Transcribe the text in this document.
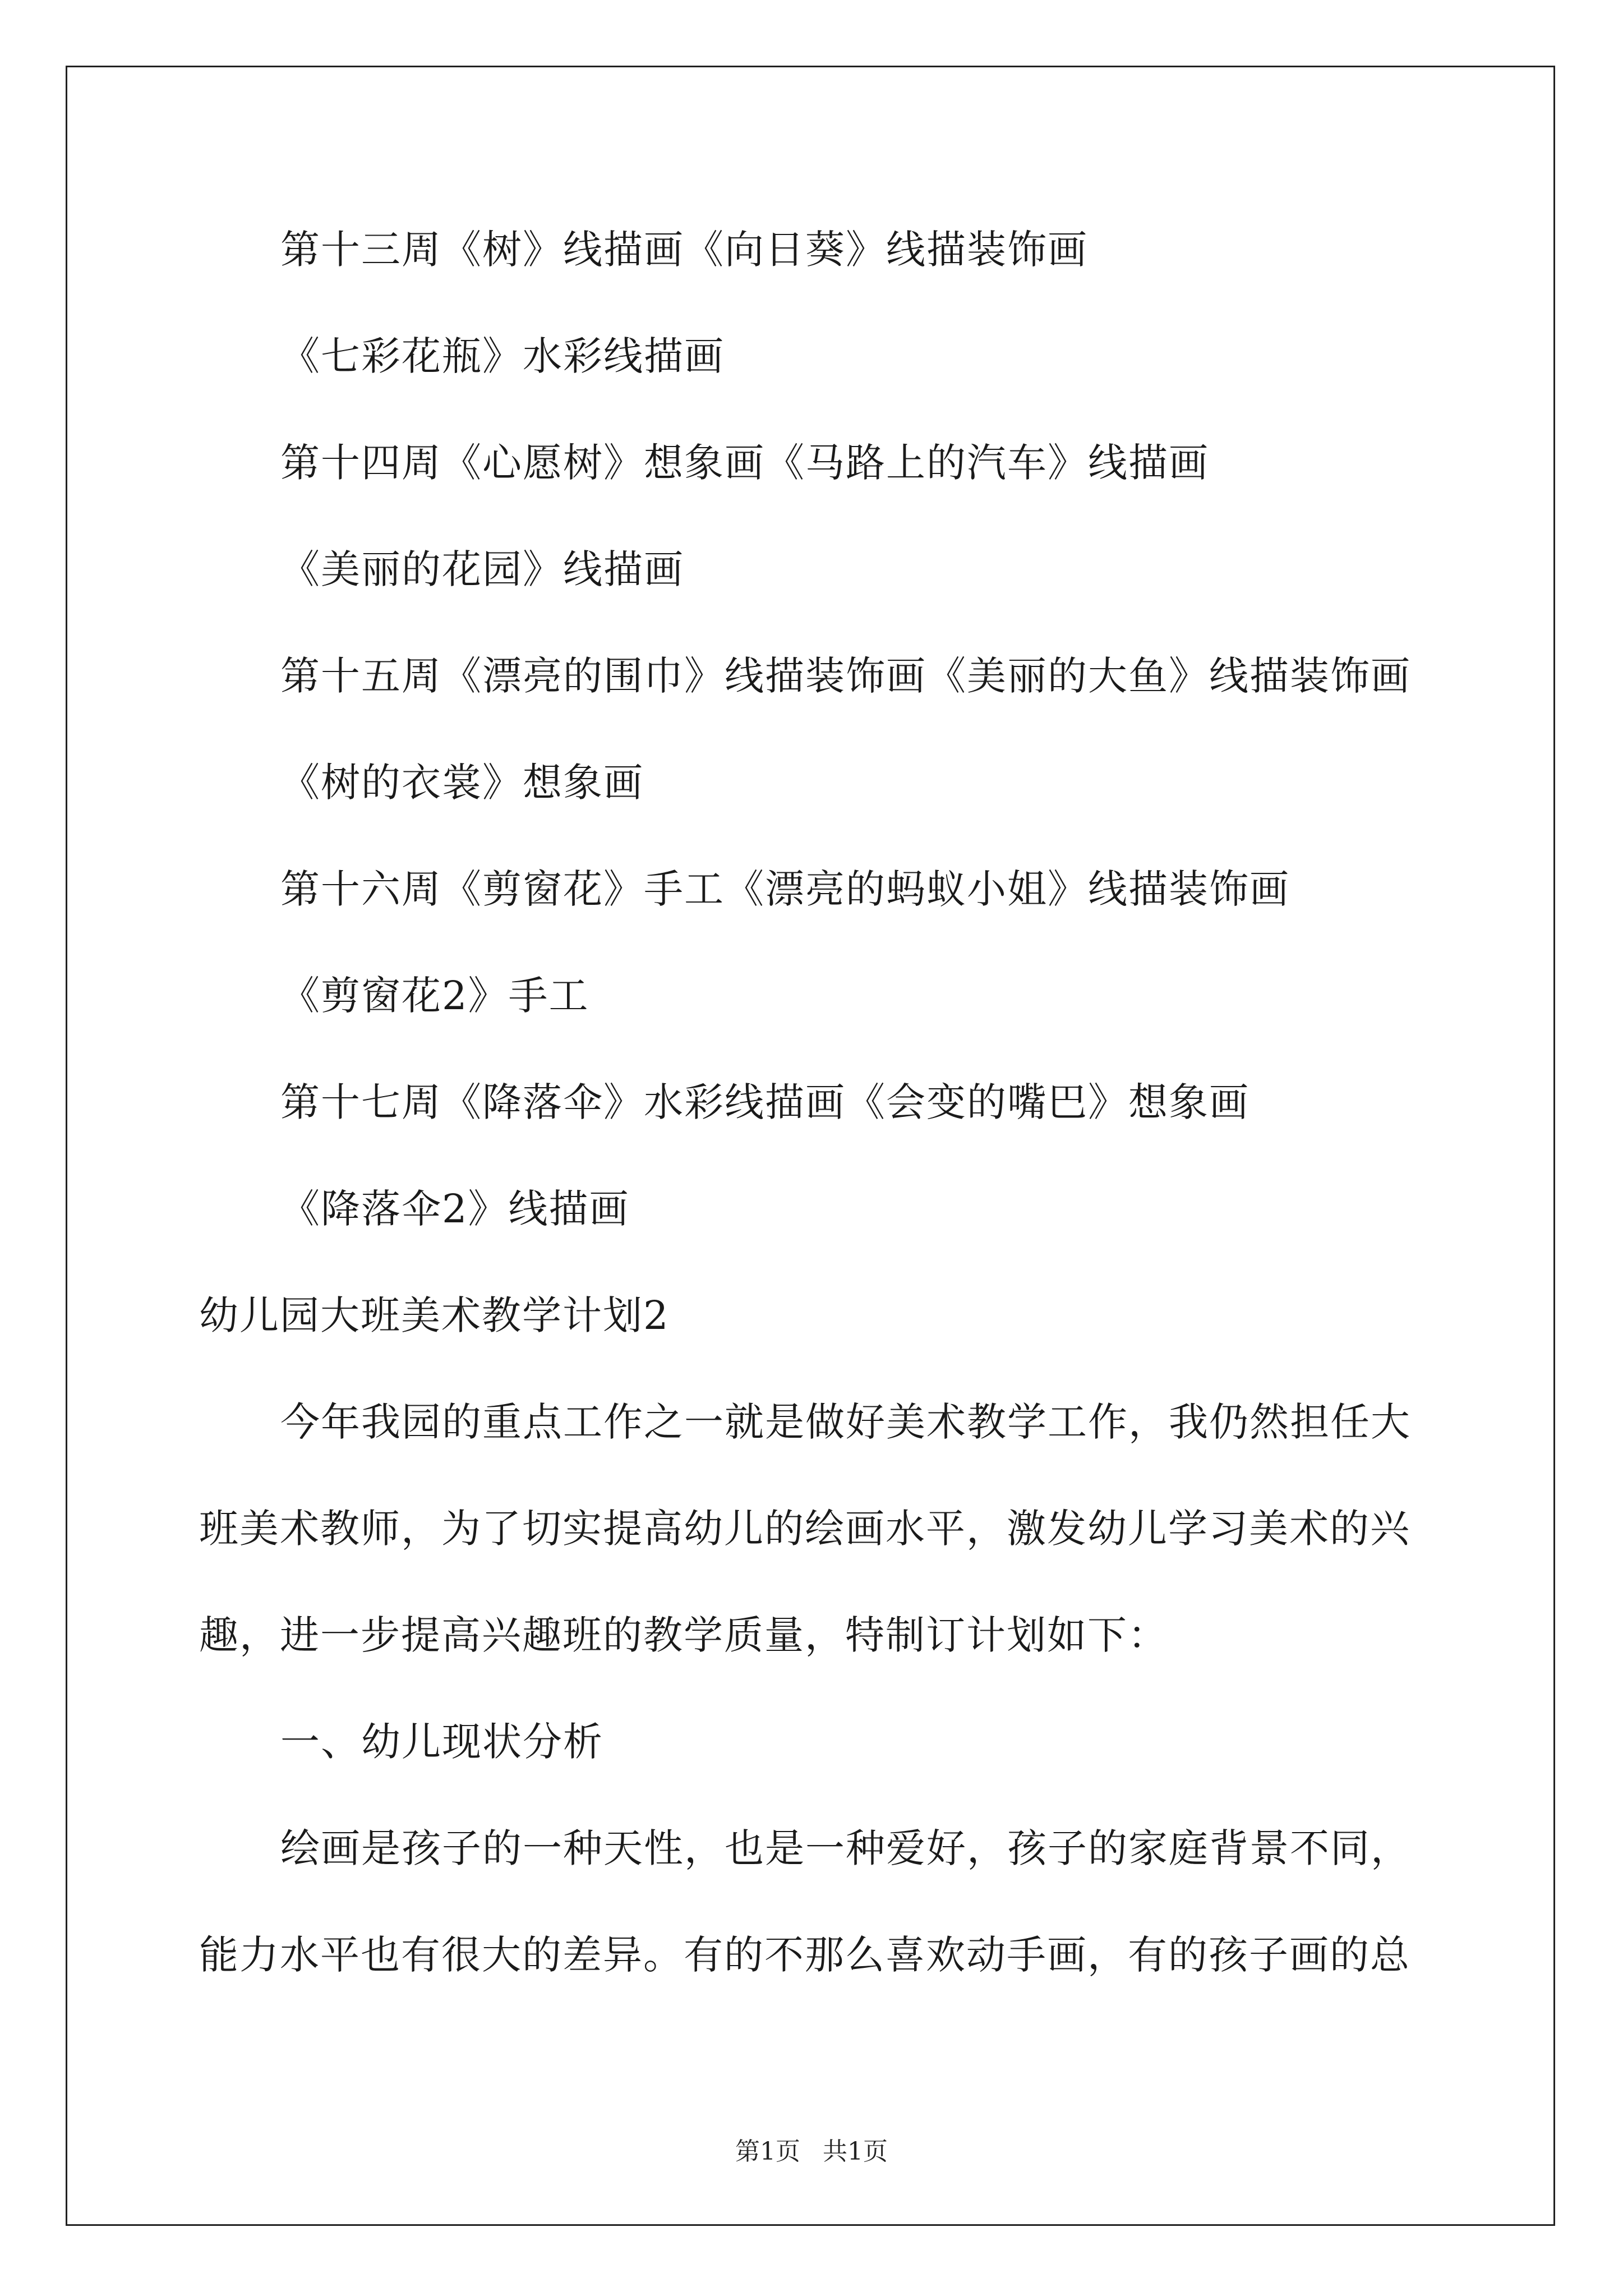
第十三周《树》线描画《向日葵》线描装饰画
《七彩花瓶》水彩线描画
第十四周《心愿树》想象画《马路上的汽车》线描画
《美丽的花园》线描画
第十五周《漂亮的围巾》线描装饰画《美丽的大鱼》线描装饰画
《树的衣裳》想象画
第十六周《剪窗花》手工《漂亮的蚂蚁小姐》线描装饰画
《剪窗花2》手工
第十七周《降落伞》水彩线描画《会变的嘴巴》想象画
《降落伞2》线描画
幼儿园大班美术教学计划2
今年我园的重点工作之一就是做好美术教学工作，我仍然担任大
班美术教师，为了切实提高幼儿的绘画水平，激发幼儿学习美术的兴
趣，进一步提高兴趣班的教学质量，特制订计划如下：
一、幼儿现状分析
绘画是孩子的一种天性，也是一种爱好，孩子的家庭背景不同，
能力水平也有很大的差异。有的不那么喜欢动手画，有的孩子画的总
第1页 共1页
